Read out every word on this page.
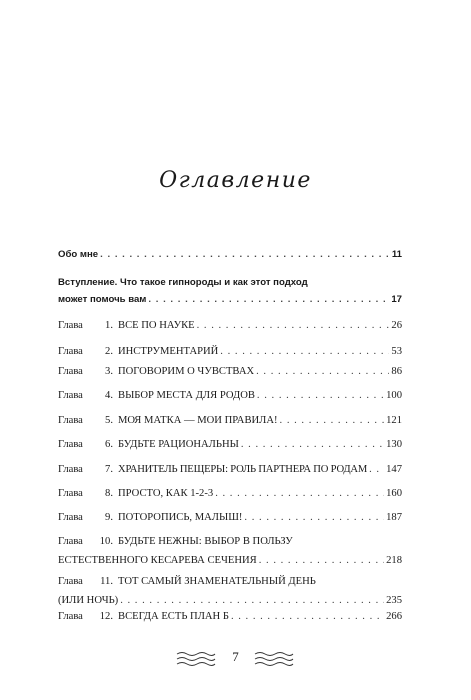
Оглавление
Обо мне . . .	11
Вступление. Что такое гипнороды и как этот подход
может помочь вам . . .	17
Глава	1. ВСЕ ПО НАУКЕ . . .	26
Глава	2. ИНСТРУМЕНТАРИЙ . . .	53
Глава	3. ПОГОВОРИМ О ЧУВСТВАХ . . .	86
Глава	4. ВЫБОР МЕСТА ДЛЯ РОДОВ . . .	100
Глава	5. МОЯ МАТКА — МОИ ПРАВИЛА! . . .	121
Глава	6. БУДЬТЕ РАЦИОНАЛЬНЫ . . .	130
Глава	7. ХРАНИТЕЛЬ ПЕЩЕРЫ: РОЛЬ ПАРТНЕРА ПО РОДАМ . . . 147
Глава	8. ПРОСТО, КАК 1-2-3 . . .	160
Глава	9. ПОТОРОПИСЬ, МАЛЫШ! . . .	187
Глава 10. БУДЬТЕ НЕЖНЫ: ВЫБОР В ПОЛЬЗУ
ЕСТЕСТВЕННОГО КЕСАРЕВА СЕЧЕНИЯ . . .	218
Глава 11. ТОТ САМЫЙ ЗНАМЕНАТЕЛЬНЫЙ ДЕНЬ
(ИЛИ НОЧЬ) . . .	235
Глава	12. ВСЕГДА ЕСТЬ ПЛАН Б . . .	266
7
